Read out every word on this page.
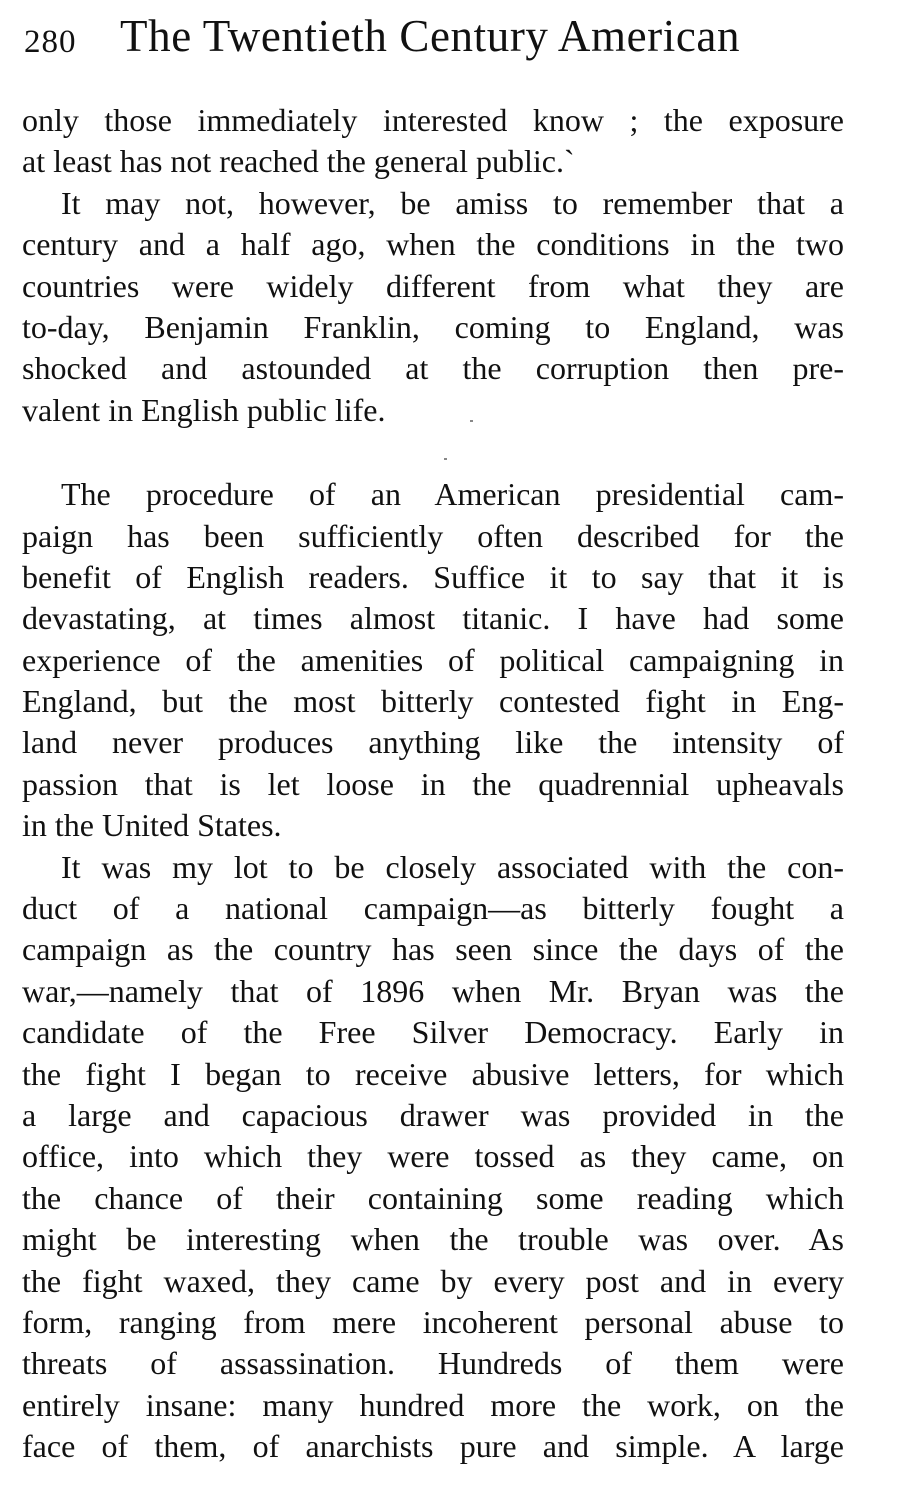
280 The Twentieth Century American
only those immediately interested know ; the exposure
at least has not reached the general public.`
It may not, however, be amiss to remember that a
century and a half ago, when the conditions in the two
countries were widely different from what they are
to-day, Benjamin Franklin, coming to England, was
shocked and astounded at the corruption then pre-
valent in English public life.
The procedure of an American presidential cam-
paign has been sufficiently often described for the
benefit of English readers. Suffice it to say that it is
devastating, at times almost titanic. I have had some
experience of the amenities of political campaigning in
England, but the most bitterly contested fight in Eng-
land never produces anything like the intensity of
passion that is let loose in the quadrennial upheavals
in the United States.
It was my lot to be closely associated with the con-
duct of a national campaign—as bitterly fought a
campaign as the country has seen since the days of the
war,—namely that of 1896 when Mr. Bryan was the
candidate of the Free Silver Democracy. Early in
the fight I began to receive abusive letters, for which
a large and capacious drawer was provided in the
office, into which they were tossed as they came, on
the chance of their containing some reading which
might be interesting when the trouble was over. As
the fight waxed, they came by every post and in every
form, ranging from mere incoherent personal abuse to
threats of assassination. Hundreds of them were
entirely insane: many hundred more the work, on the
face of them, of anarchists pure and simple. A large
